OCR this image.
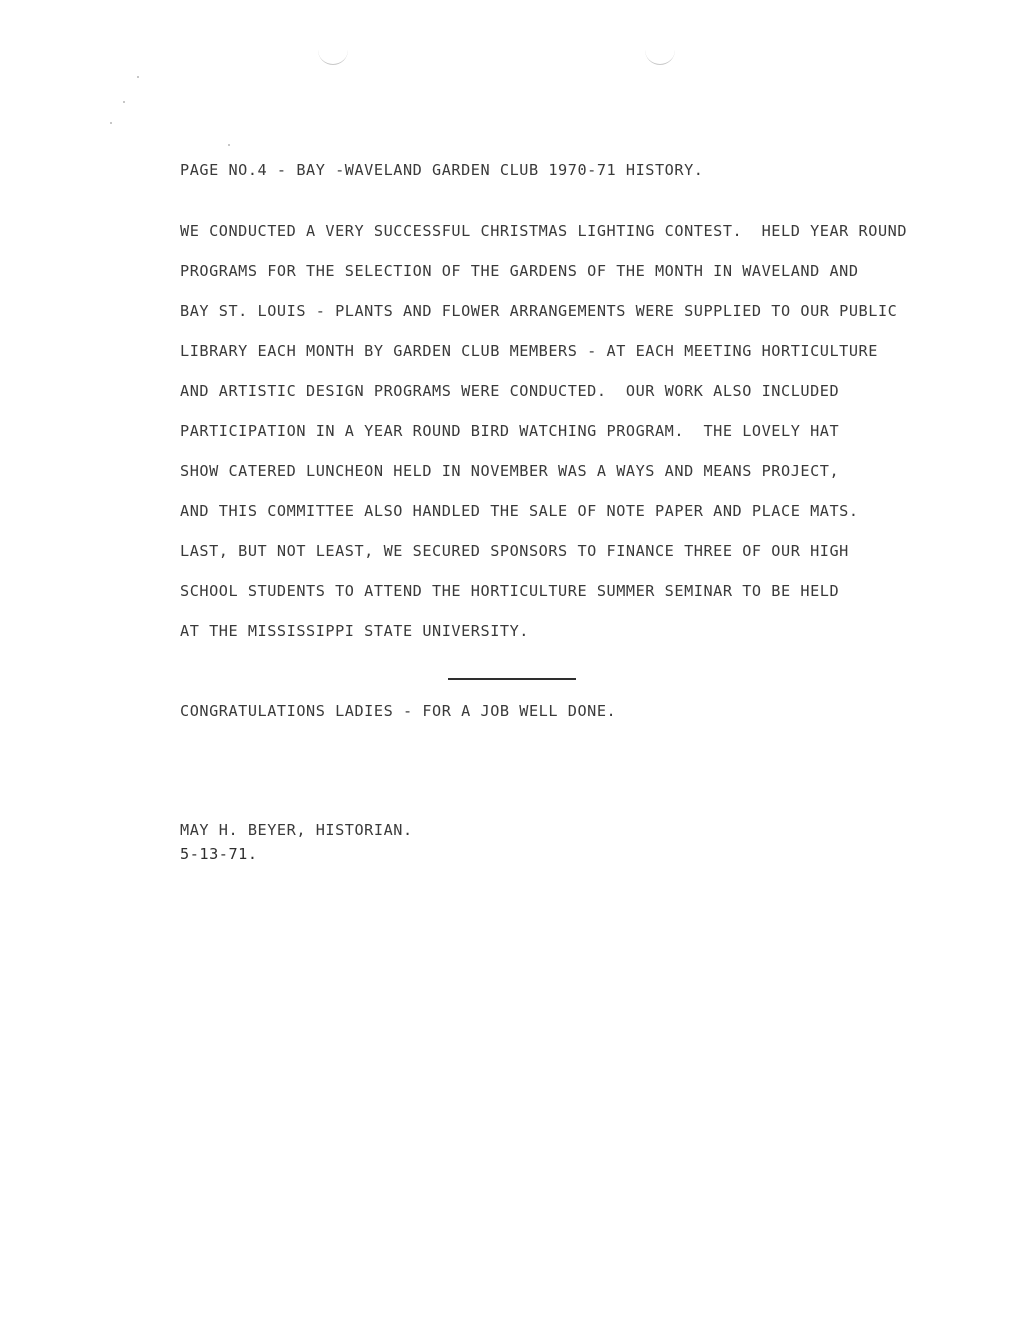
PAGE NO.4 - BAY -WAVELAND GARDEN CLUB 1970-71 HISTORY.
WE CONDUCTED A VERY SUCCESSFUL CHRISTMAS LIGHTING CONTEST.  HELD YEAR ROUND
PROGRAMS FOR THE SELECTION OF THE GARDENS OF THE MONTH IN WAVELAND AND
BAY ST. LOUIS - PLANTS AND FLOWER ARRANGEMENTS WERE SUPPLIED TO OUR PUBLIC
LIBRARY EACH MONTH BY GARDEN CLUB MEMBERS - AT EACH MEETING HORTICULTURE
AND ARTISTIC DESIGN PROGRAMS WERE CONDUCTED.  OUR WORK ALSO INCLUDED
PARTICIPATION IN A YEAR ROUND BIRD WATCHING PROGRAM.  THE LOVELY HAT
SHOW CATERED LUNCHEON HELD IN NOVEMBER WAS A WAYS AND MEANS PROJECT,
AND THIS COMMITTEE ALSO HANDLED THE SALE OF NOTE PAPER AND PLACE MATS.
LAST, BUT NOT LEAST, WE SECURED SPONSORS TO FINANCE THREE OF OUR HIGH
SCHOOL STUDENTS TO ATTEND THE HORTICULTURE SUMMER SEMINAR TO BE HELD
AT THE MISSISSIPPI STATE UNIVERSITY.
CONGRATULATIONS LADIES - FOR A JOB WELL DONE.
MAY H. BEYER, HISTORIAN.
5-13-71.
